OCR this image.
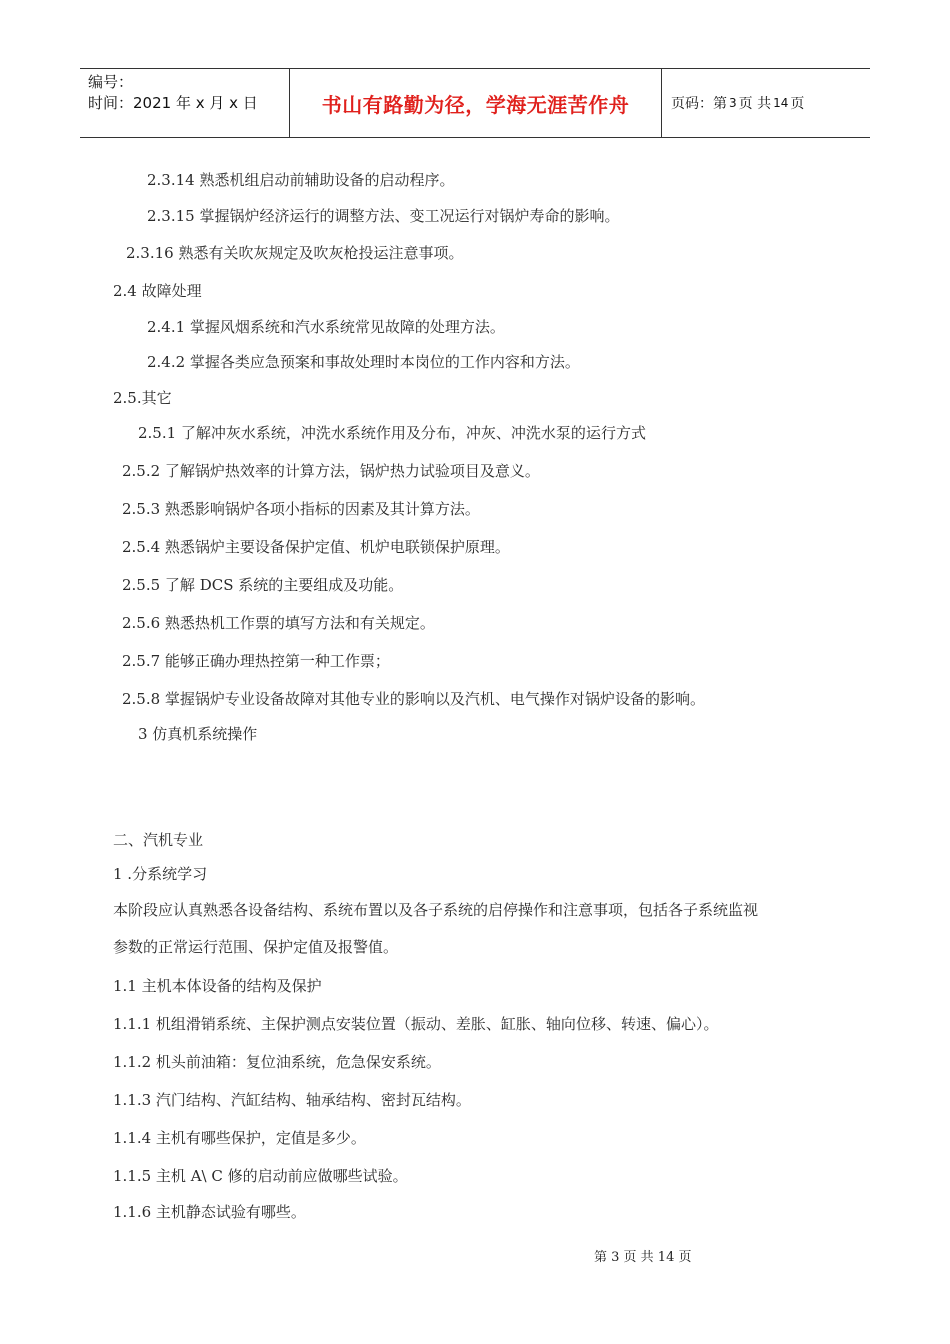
编号：
时间：2021 年 x 月 x 日	书山有路勤为径，学海无涯苦作舟	页码：第 3 页 共 14 页
2.3.14 熟悉机组启动前辅助设备的启动程序。
2.3.15 掌握锅炉经济运行的调整方法、变工况运行对锅炉寿命的影响。
2.3.16 熟悉有关吹灰规定及吹灰枪投运注意事项。
2.4 故障处理
2.4.1 掌握风烟系统和汽水系统常见故障的处理方法。
2.4.2 掌握各类应急预案和事故处理时本岗位的工作内容和方法。
2.5.其它
2.5.1 了解冲灰水系统，冲洗水系统作用及分布，冲灰、冲洗水泵的运行方式
2.5.2 了解锅炉热效率的计算方法，锅炉热力试验项目及意义。
2.5.3 熟悉影响锅炉各项小指标的因素及其计算方法。
2.5.4 熟悉锅炉主要设备保护定值、机炉电联锁保护原理。
2.5.5 了解 DCS 系统的主要组成及功能。
2.5.6 熟悉热机工作票的填写方法和有关规定。
2.5.7 能够正确办理热控第一种工作票；
2.5.8 掌握锅炉专业设备故障对其他专业的影响以及汽机、电气操作对锅炉设备的影响。
3 仿真机系统操作
二、汽机专业
1 .分系统学习
本阶段应认真熟悉各设备结构、系统布置以及各子系统的启停操作和注意事项，包括各子系统监视
参数的正常运行范围、保护定值及报警值。
1.1 主机本体设备的结构及保护
1.1.1 机组滑销系统、主保护测点安装位置（振动、差胀、缸胀、轴向位移、转速、偏心）。
1.1.2 机头前油箱：复位油系统，危急保安系统。
1.1.3 汽门结构、汽缸结构、轴承结构、密封瓦结构。
1.1.4 主机有哪些保护，定值是多少。
1.1.5 主机 A\ C 修的启动前应做哪些试验。
1.1.6 主机静态试验有哪些。
第 3 页 共 14 页
